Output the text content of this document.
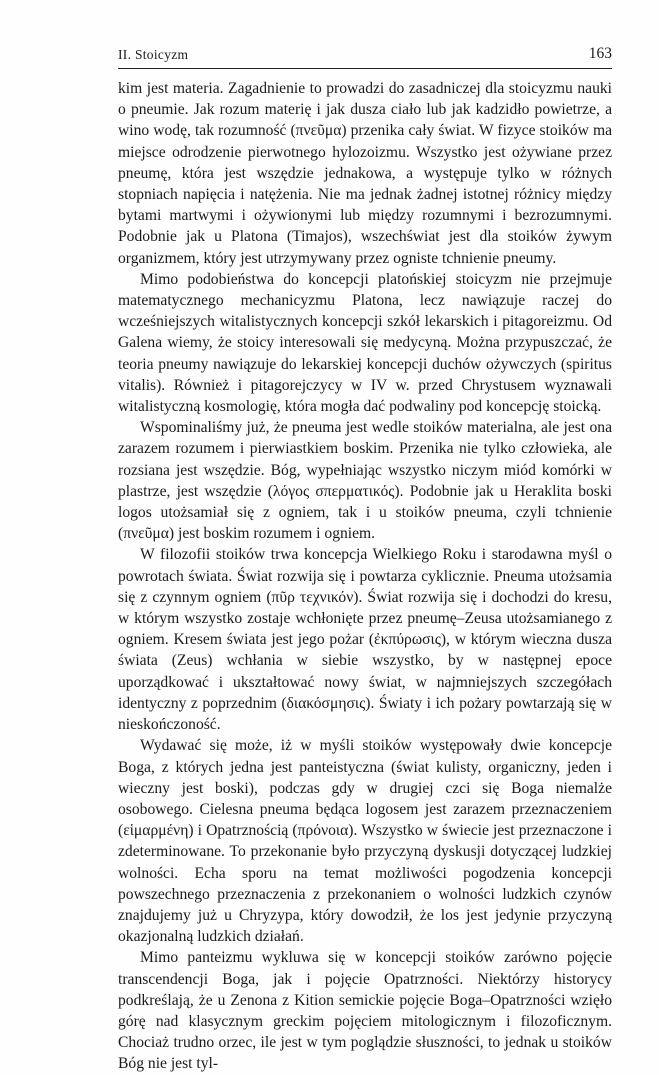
II. Stoicyzm	163

kim jest materia. Zagadnienie to prowadzi do zasadniczej dla stoicyzmu nauki o pneumie. Jak rozum materię i jak dusza ciało lub jak kadzidło powietrze, a wino wodę, tak rozumność (πνεῦμα) przenika cały świat. W fizyce stoików ma miejsce odrodzenie pierwotnego hylozoizmu. Wszystko jest ożywiane przez pneumę, która jest wszędzie jednakowa, a występuje tylko w różnych stopniach napięcia i natężenia. Nie ma jednak żadnej istotnej różnicy między bytami martwymi i ożywionymi lub między rozumnymi i bezrozumnymi. Podobnie jak u Platona (Timajos), wszechświat jest dla stoików żywym organizmem, który jest utrzymywany przez ogniste tchnienie pneumy.

Mimo podobieństwa do koncepcji platońskiej stoicyzm nie przejmuje matematycznego mechanicyzmu Platona, lecz nawiązuje raczej do wcześniejszych witalistycznych koncepcji szkół lekarskich i pitagoreizmu. Od Galena wiemy, że stoicy interesowali się medycyną. Można przypuszczać, że teoria pneumy nawiązuje do lekarskiej koncepcji duchów ożywczych (spiritus vitalis). Również i pitagorejczycy w IV w. przed Chrystusem wyznawali witalistyczną kosmologię, która mogła dać podwaliny pod koncepcję stoicką.

Wspominaliśmy już, że pneuma jest wedle stoików materialna, ale jest ona zarazem rozumem i pierwiastkiem boskim. Przenika nie tylko człowieka, ale rozsiana jest wszędzie. Bóg, wypełniając wszystko niczym miód komórki w plastrze, jest wszędzie (λόγος σπερματικός). Podobnie jak u Heraklita boski logos utożsamiał się z ogniem, tak i u stoików pneuma, czyli tchnienie (πνεῦμα) jest boskim rozumem i ogniem.

W filozofii stoików trwa koncepcja Wielkiego Roku i starodawna myśl o powrotach świata. Świat rozwija się i powtarza cyklicznie. Pneuma utożsamia się z czynnym ogniem (πῦρ τεχνικόν). Świat rozwija się i dochodzi do kresu, w którym wszystko zostaje wchłonięte przez pneumę–Zeusa utożsamianego z ogniem. Kresem świata jest jego pożar (ἐκπύρωσις), w którym wieczna dusza świata (Zeus) wchłania w siebie wszystko, by w następnej epoce uporządkować i ukształtować nowy świat, w najmniejszych szczegółach identyczny z poprzednim (διακόσμησις). Światy i ich pożary powtarzają się w nieskończoność.

Wydawać się może, iż w myśli stoików występowały dwie koncepcje Boga, z których jedna jest panteistyczna (świat kulisty, organiczny, jeden i wieczny jest boski), podczas gdy w drugiej czci się Boga niemalże osobowego. Cielesna pneuma będąca logosem jest zarazem przeznaczeniem (εἱμαρμένη) i Opatrznością (πρόνοια). Wszystko w świecie jest przeznaczone i zdeterminowane. To przekonanie było przyczyną dyskusji dotyczącej ludzkiej wolności. Echa sporu na temat możliwości pogodzenia koncepcji powszechnego przeznaczenia z przekonaniem o wolności ludzkich czynów znajdujemy już u Chryzypa, który dowodził, że los jest jedynie przyczyną okazjonalną ludzkich działań.

Mimo panteizmu wykluwa się w koncepcji stoików zarówno pojęcie transcendencji Boga, jak i pojęcie Opatrzności. Niektórzy historycy podkreślają, że u Zenona z Kition semickie pojęcie Boga–Opatrzności wzięło górę nad klasycznym greckim pojęciem mitologicznym i filozoficznym. Chociaż trudno orzec, ile jest w tym poglądzie słuszności, to jednak u stoików Bóg nie jest tyl-
